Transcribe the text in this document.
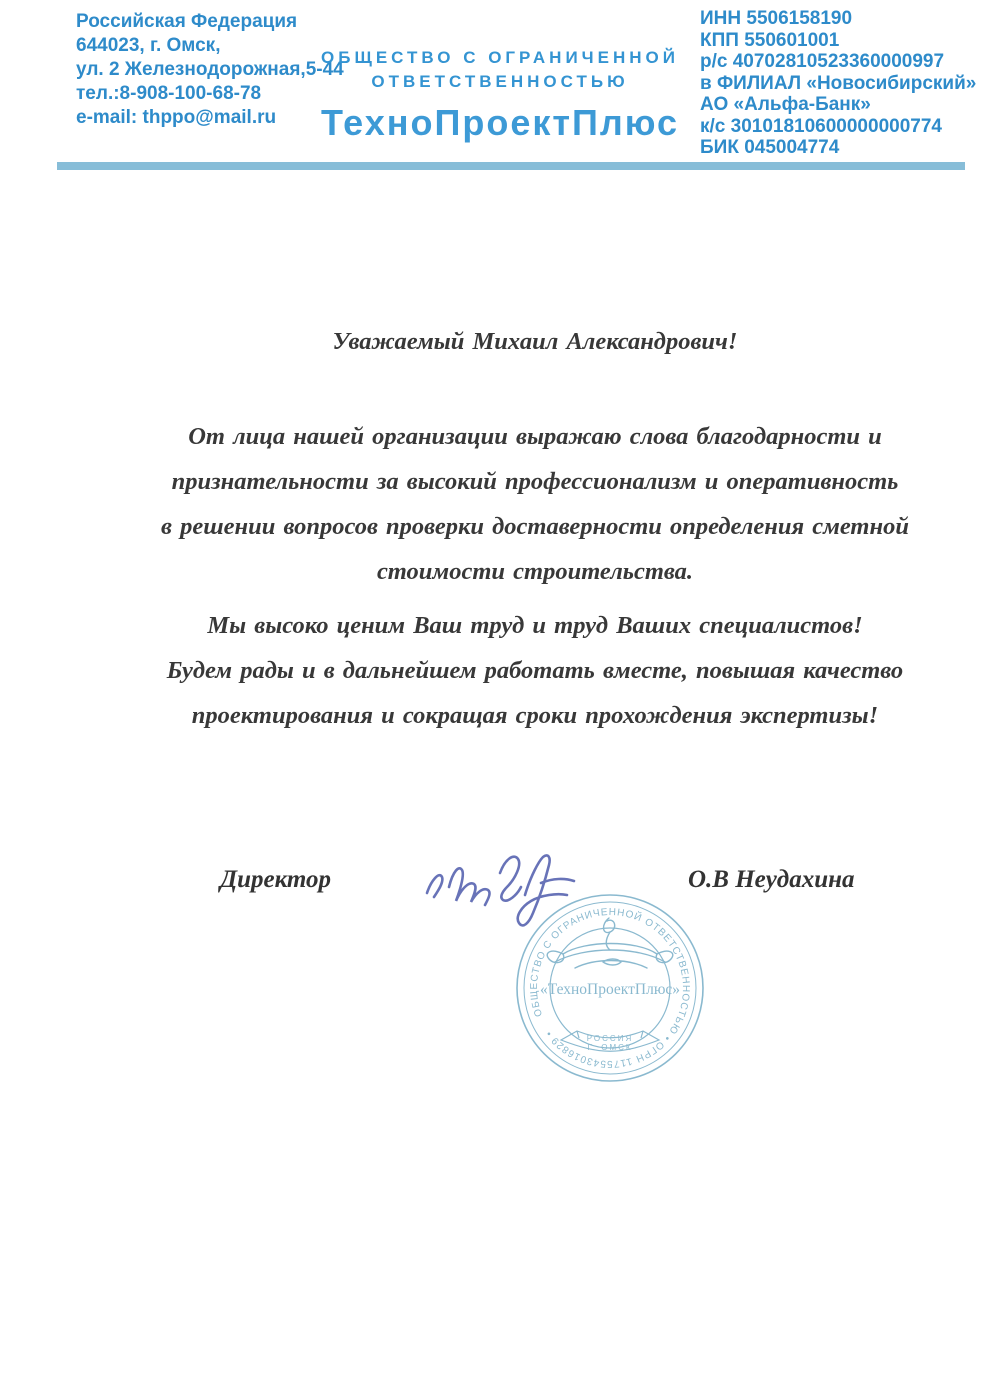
Российская Федерация
644023, г. Омск,
ул. 2 Железнодорожная,5-44
тел.:8-908-100-68-78
e-mail: thppo@mail.ru
ОБЩЕСТВО С ОГРАНИЧЕННОЙ
ОТВЕТСТВЕННОСТЬЮ
ТехноПроектПлюс
ИНН 5506158190
КПП 550601001
р/с 40702810523360000997
в ФИЛИАЛ «Новосибирский»
АО «Альфа-Банк»
к/с 30101810600000000774
БИК 045004774
Уважаемый Михаил Александрович!
От лица нашей организации выражаю слова благодарности и
признательности за высокий профессионализм и оперативность
в решении вопросов проверки доставерности определения сметной
стоимости строительства.
Мы высоко ценим Ваш труд и труд Ваших специалистов!
Будем рады и в дальнейшем работать вместе, повышая качество
проектирования и сокращая сроки прохождения экспертизы!
Директор	О.В Неудахина
ОБЩЕСТВО С ОГРАНИЧЕННОЙ ОТВЕТСТВЕННОСТЬЮ • ОГРН 1175543016829 •
«ТехноПроектПлюс»
РОССИЯ
Г. ОМСК
